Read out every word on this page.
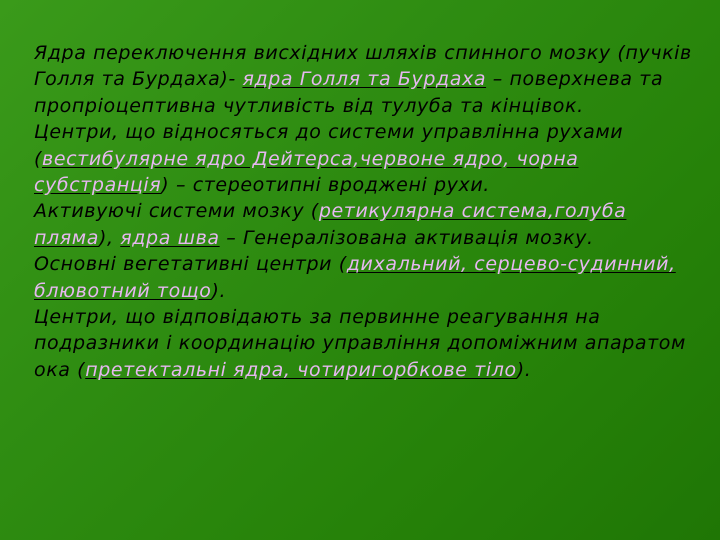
Ядра переключення висхідних шляхів спинного мозку (пучків Голля та Бурдаха)- ядра Голля та Бурдаха – поверхнева та пропріоцептивна чутливість від тулуба та кінцівок.

Центри, що відносяться до системи управлінна рухами (вестибулярне ядро Дейтерса,червоне ядро, чорна субстранція) – стереотипні вроджені рухи.

Активуючі системи мозку (ретикулярна система,голуба пляма), ядра шва – Генералізована активація мозку.

Основні вегетативні центри (дихальний, серцево-судинний, блювотний тощо).

Центри, що відповідають за первинне реагування на подразники і координацію управління допоміжним апаратом ока (претектальні ядра, чотиригорбкове тіло).
